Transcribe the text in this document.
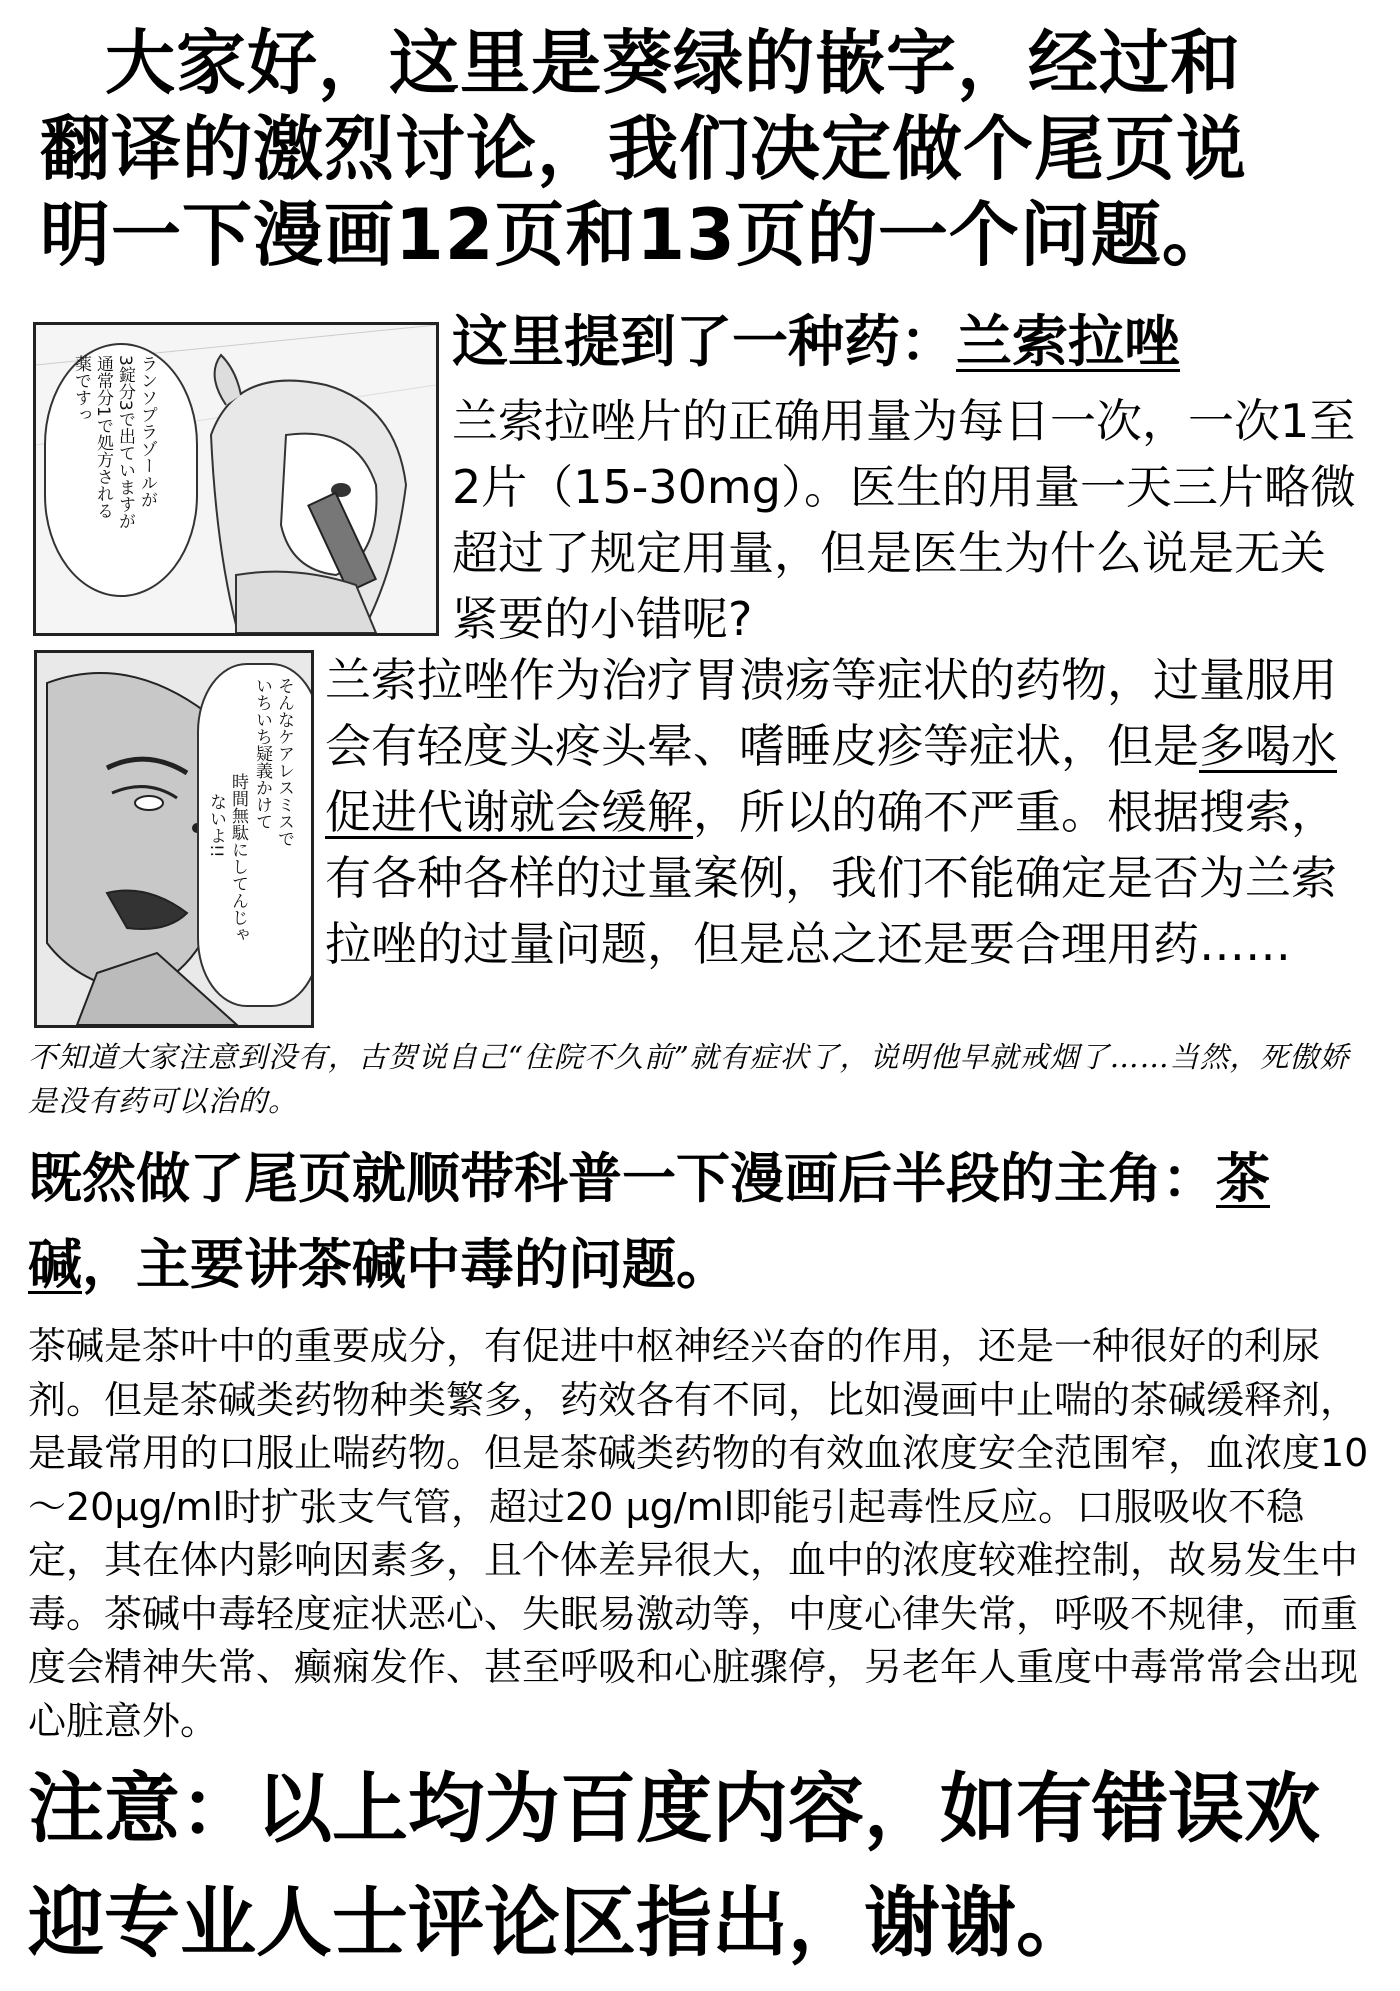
大家好，这里是葵绿的嵌字，经过和
翻译的激烈讨论，我们决定做个尾页说
明一下漫画12页和13页的一个问题。
ランソプラゾールが
3錠分3で出ていますが
通常分1で処方される
薬ですっ
这里提到了一种药：兰索拉唑
兰索拉唑片的正确用量为每日一次，一次1至2片（15-30mg）。医生的用量一天三片略微超过了规定用量，但是医生为什么说是无关紧要的小错呢?
そんなケアレスミスで
いちいち疑義かけて
時間無駄にしてんじゃ
ないよ!!
兰索拉唑作为治疗胃溃疡等症状的药物，过量服用会有轻度头疼头晕、嗜睡皮疹等症状，但是多喝水促进代谢就会缓解，所以的确不严重。根据搜索，有各种各样的过量案例，我们不能确定是否为兰索拉唑的过量问题，但是总之还是要合理用药……
不知道大家注意到没有，古贺说自己“住院不久前”就有症状了，说明他早就戒烟了……当然，死傲娇是没有药可以治的。
既然做了尾页就顺带科普一下漫画后半段的主角：茶碱，主要讲茶碱中毒的问题。
茶碱是茶叶中的重要成分，有促进中枢神经兴奋的作用，还是一种很好的利尿剂。但是茶碱类药物种类繁多，药效各有不同，比如漫画中止喘的茶碱缓释剂，是最常用的口服止喘药物。但是茶碱类药物的有效血浓度安全范围窄，血浓度10～20μg/ml时扩张支气管，超过20 μg/ml即能引起毒性反应。口服吸收不稳定，其在体内影响因素多，且个体差异很大，血中的浓度较难控制，故易发生中毒。茶碱中毒轻度症状恶心、失眠易激动等，中度心律失常，呼吸不规律，而重度会精神失常、癫痫发作、甚至呼吸和心脏骤停，另老年人重度中毒常常会出现心脏意外。
注意：以上均为百度内容，如有错误欢迎专业人士评论区指出，谢谢。
